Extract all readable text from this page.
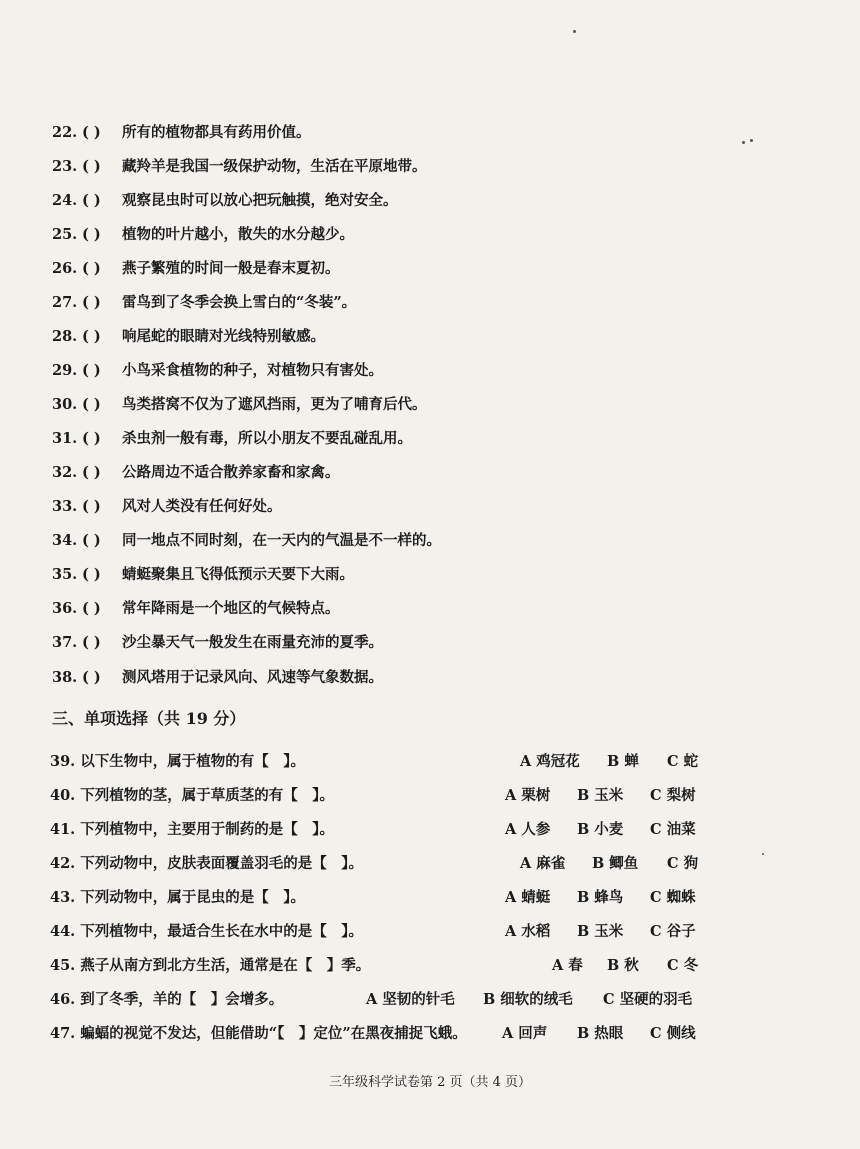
22. ( ) 所有的植物都具有药用价值。
23. ( ) 藏羚羊是我国一级保护动物，生活在平原地带。
24. ( ) 观察昆虫时可以放心把玩触摸，绝对安全。
25. ( ) 植物的叶片越小，散失的水分越少。
26. ( ) 燕子繁殖的时间一般是春末夏初。
27. ( ) 雷鸟到了冬季会换上雪白的“冬装”。
28. ( ) 响尾蛇的眼睛对光线特别敏感。
29. ( ) 小鸟采食植物的种子，对植物只有害处。
30. ( ) 鸟类搭窝不仅为了遮风挡雨，更为了哺育后代。
31. ( ) 杀虫剂一般有毒，所以小朋友不要乱碰乱用。
32. ( ) 公路周边不适合散养家畜和家禽。
33. ( ) 风对人类没有任何好处。
34. ( ) 同一地点不同时刻，在一天内的气温是不一样的。
35. ( ) 蜻蜓聚集且飞得低预示天要下大雨。
36. ( ) 常年降雨是一个地区的气候特点。
37. ( ) 沙尘暴天气一般发生在雨量充沛的夏季。
38. ( ) 测风塔用于记录风向、风速等气象数据。
三、单项选择（共 19 分）
39. 以下生物中，属于植物的有【　】。	A 鸡冠花 B 蝉 C 蛇
40. 下列植物的茎，属于草质茎的有【　】。	A 栗树 B 玉米 C 梨树
41. 下列植物中，主要用于制药的是【　】。	A 人参 B 小麦 C 油菜
42. 下列动物中，皮肤表面覆盖羽毛的是【　】。	A 麻雀 B 鲫鱼 C 狗
43. 下列动物中，属于昆虫的是【　】。	A 蜻蜓 B 蜂鸟 C 蜘蛛
44. 下列植物中，最适合生长在水中的是【　】。	A 水稻 B 玉米 C 谷子
45. 燕子从南方到北方生活，通常是在【　】季。	A 春 B 秋 C 冬
46. 到了冬季，羊的【　】会增多。	A 坚韧的针毛 B 细软的绒毛 C 坚硬的羽毛
47. 蝙蝠的视觉不发达，但能借助“【　】定位”在黑夜捕捉飞蛾。 A 回声 B 热眼 C 侧线
三年级科学试卷第 2 页（共 4 页）
